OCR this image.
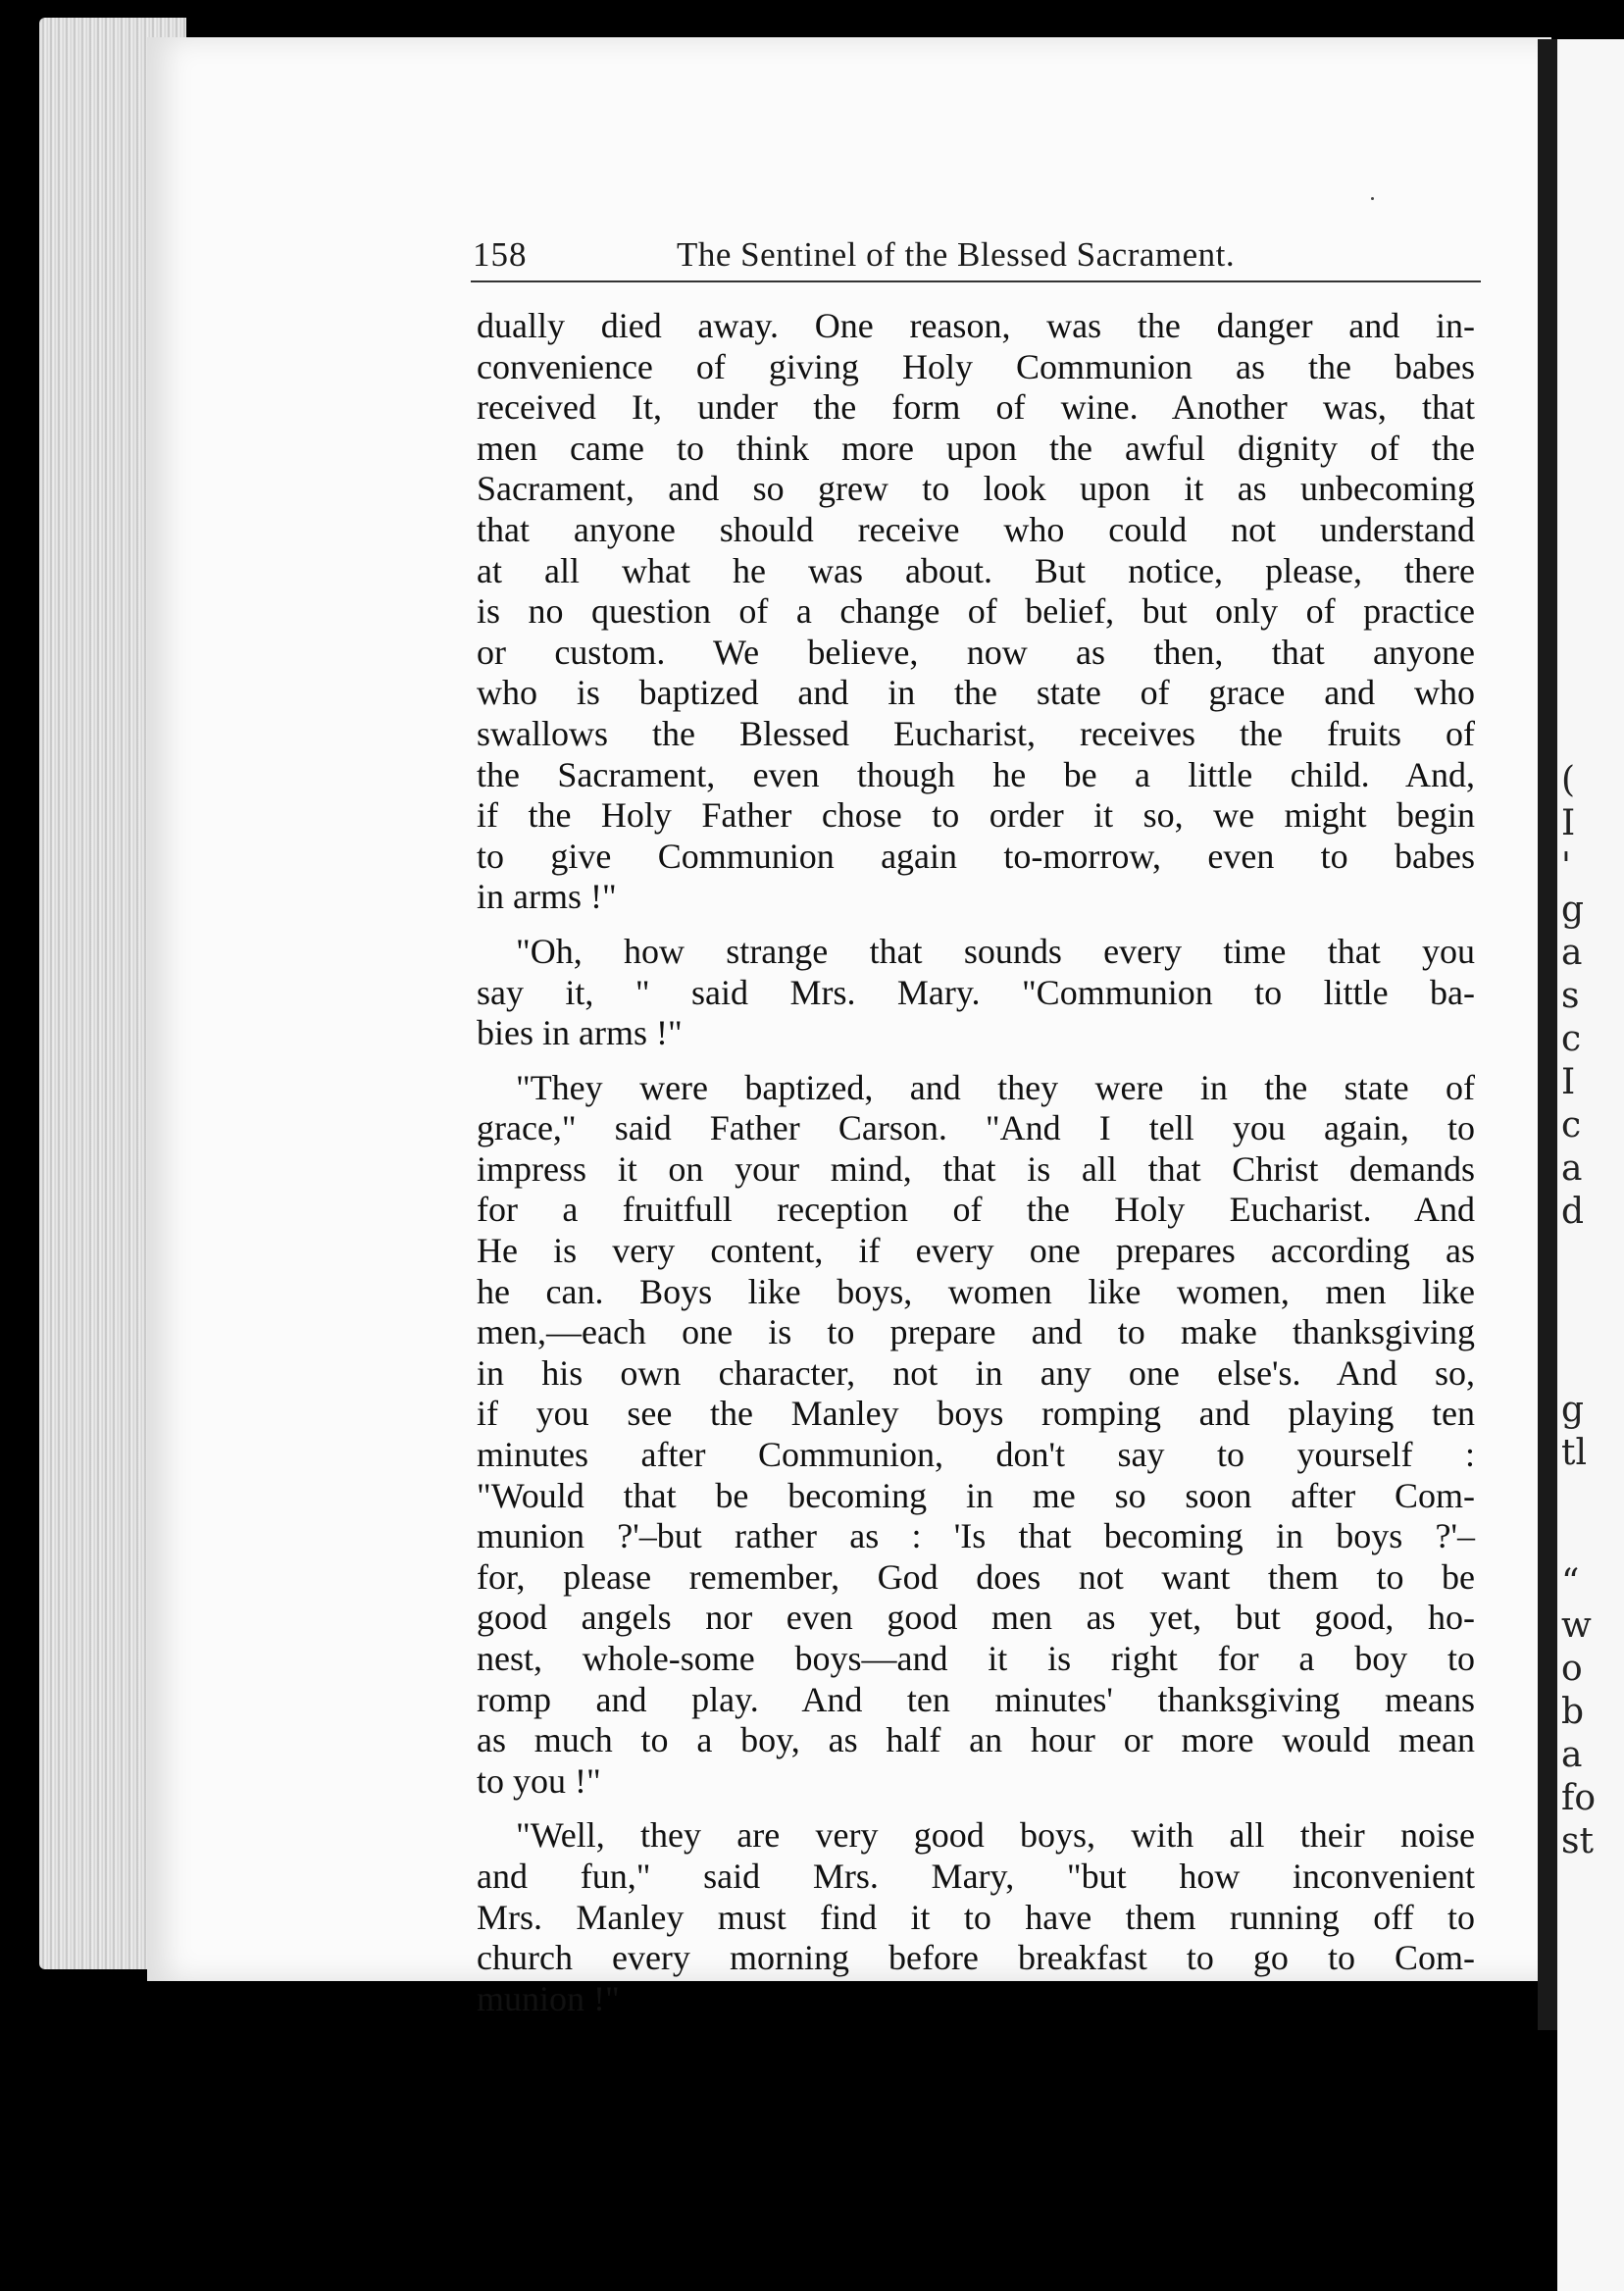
(
I
'
g
a
s
c
I
c
a
d
g
tl
“
w
o
b
a
fo
st
158	The Sentinel of the Blessed Sacrament.
dually died away. One reason, was the danger and in-
convenience of giving Holy Communion as the babes
received It, under the form of wine. Another was, that
men came to think more upon the awful dignity of the
Sacrament, and so grew to look upon it as unbecoming
that anyone should receive who could not understand
at all what he was about. But notice, please, there
is no question of a change of belief, but only of practice
or custom. We believe, now as then, that anyone
who is baptized and in the state of grace and who
swallows the Blessed Eucharist, receives the fruits of
the Sacrament, even though he be a little child. And,
if the Holy Father chose to order it so, we might begin
to give Communion again to-morrow, even to babes
in arms !"
"Oh, how strange that sounds every time that you
say it, " said Mrs. Mary. "Communion to little ba-
bies in arms !"
"They were baptized, and they were in the state of
grace," said Father Carson. "And I tell you again, to
impress it on your mind, that is all that Christ demands
for a fruitfull reception of the Holy Eucharist. And
He is very content, if every one prepares according as
he can. Boys like boys, women like women, men like
men,—each one is to prepare and to make thanksgiving
in his own character, not in any one else's. And so,
if you see the Manley boys romping and playing ten
minutes after Communion, don't say to yourself :
"Would that be becoming in me so soon after Com-
munion ?'–but rather as : 'Is that becoming in boys ?'–
for, please remember, God does not want them to be
good angels nor even good men as yet, but good, ho-
nest, whole-some boys—and it is right for a boy to
romp and play. And ten minutes' thanksgiving means
as much to a boy, as half an hour or more would mean
to you !"
"Well, they are very good boys, with all their noise
and fun," said Mrs. Mary, "but how inconvenient
Mrs. Manley must find it to have them running off to
church every morning before breakfast to go to Com-
munion !"
